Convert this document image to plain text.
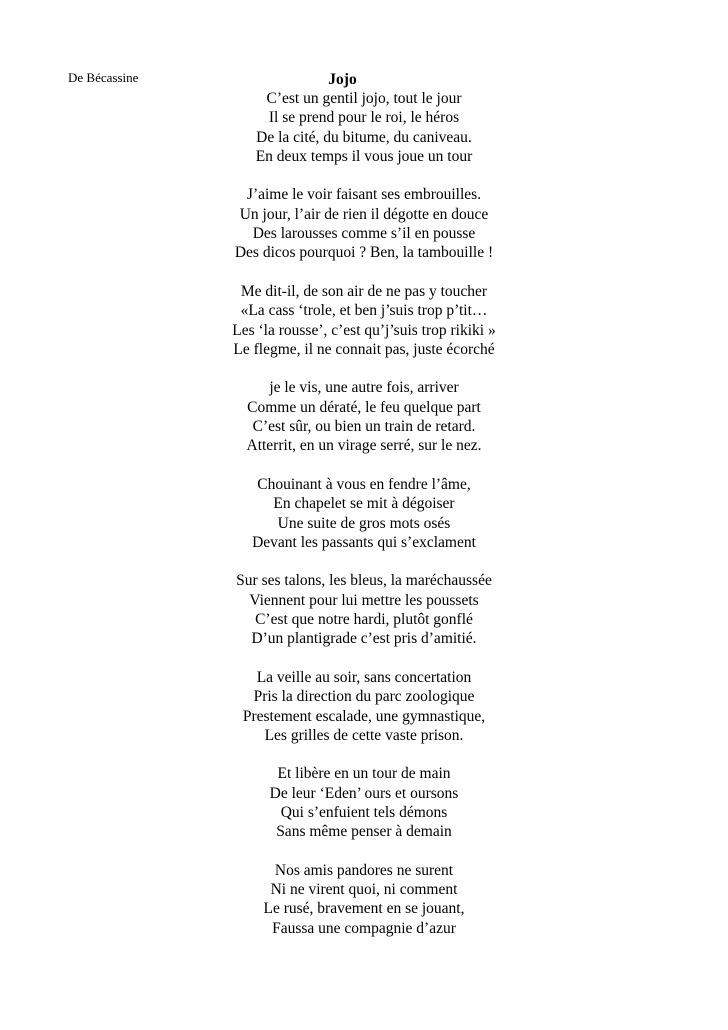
De Bécassine	Jojo
C’est un gentil jojo, tout le jour
Il se prend pour le roi, le héros
De la cité, du bitume, du caniveau.
En deux temps il vous joue un tour
J’aime le voir faisant ses embrouilles.
Un jour, l’air de rien il dégotte en douce
Des larousses comme s’il en pousse
Des dicos pourquoi ? Ben, la tambouille !
Me dit-il, de son air de ne pas y toucher
«La cass ‘trole, et ben j’suis trop p’tit…
Les ‘la rousse’, c’est qu’j’suis trop rikiki »
Le flegme, il ne connait pas, juste écorché
je le vis, une autre fois, arriver
Comme un dératé, le feu quelque part
C’est sûr, ou bien un train de retard.
Atterrit, en un virage serré, sur le nez.
Chouinant à vous en fendre l’âme,
En chapelet se mit à dégoiser
Une suite de gros mots osés
Devant les passants qui s’exclament
Sur ses talons, les bleus, la maréchaussée
Viennent pour lui mettre les poussets
C’est que notre hardi, plutôt gonflé
D’un plantigrade c’est pris d’amitié.
La veille au soir, sans concertation
Pris la direction du parc zoologique
Prestement escalade, une gymnastique,
Les grilles de cette vaste prison.
Et libère en un tour de main
De leur ‘Eden’ ours et oursons
Qui s’enfuient tels démons
Sans même penser à demain
Nos amis pandores ne surent
Ni ne virent quoi, ni comment
Le rusé, bravement en se jouant,
Faussa une compagnie d’azur
